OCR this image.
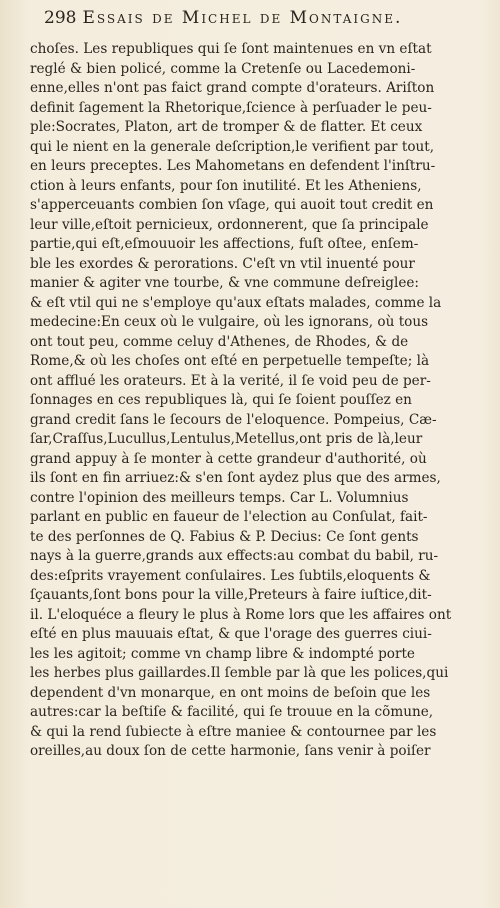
298 Essais de Michel de Montaigne.
choſes. Les republiques qui ſe ſont maintenues en vn eſtat
reglé & bien policé, comme la Cretenſe ou Lacedemoni-
enne,elles n'ont pas faict grand compte d'orateurs. Ariſton
definit ſagement la Rhetorique,ſcience à perſuader le peu-
ple:Socrates, Platon, art de tromper & de flatter. Et ceux
qui le nient en la generale deſcription,le verifient par tout,
en leurs preceptes. Les Mahometans en defendent l'inſtru-
ction à leurs enfants, pour ſon inutilité. Et les Atheniens,
s'apperceuants combien ſon vſage, qui auoit tout credit en
leur ville,eſtoit pernicieux, ordonnerent, que ſa principale
partie,qui eſt,eſmouuoir les affections, fuſt oſtee, enſem-
ble les exordes & perorations. C'eſt vn vtil inuenté pour
manier & agiter vne tourbe, & vne commune deſreiglee:
& eſt vtil qui ne s'employe qu'aux eſtats malades, comme la
medecine:En ceux où le vulgaire, où les ignorans, où tous
ont tout peu, comme celuy d'Athenes, de Rhodes, & de
Rome,& où les choſes ont eſté en perpetuelle tempeſte; là
ont afflué les orateurs. Et à la verité, il ſe void peu de per-
ſonnages en ces republiques là, qui ſe ſoient pouſſez en
grand credit ſans le ſecours de l'eloquence. Pompeius, Cæ-
ſar,Craſſus,Lucullus,Lentulus,Metellus,ont pris de là,leur
grand appuy à ſe monter à cette grandeur d'authorité, où
ils ſont en fin arriuez:& s'en ſont aydez plus que des armes,
contre l'opinion des meilleurs temps. Car L. Volumnius
parlant en public en faueur de l'election au Conſulat, fait-
te des perſonnes de Q. Fabius & P. Decius: Ce ſont gents
nays à la guerre,grands aux effects:au combat du babil, ru-
des:eſprits vrayement conſulaires. Les ſubtils,eloquents &
ſçauants,ſont bons pour la ville,Preteurs à faire iuſtice,dit-
il. L'eloquéce a fleury le plus à Rome lors que les affaires ont
eſté en plus mauuais eſtat, & que l'orage des guerres ciui-
les les agitoit; comme vn champ libre & indompté porte
les herbes plus gaillardes.Il ſemble par là que les polices,qui
dependent d'vn monarque, en ont moins de beſoin que les
autres:car la beſtiſe & facilité, qui ſe trouue en la cõmune,
& qui la rend ſubiecte à eſtre maniee & contournee par les
oreilles,au doux ſon de cette harmonie, ſans venir à poiſer
